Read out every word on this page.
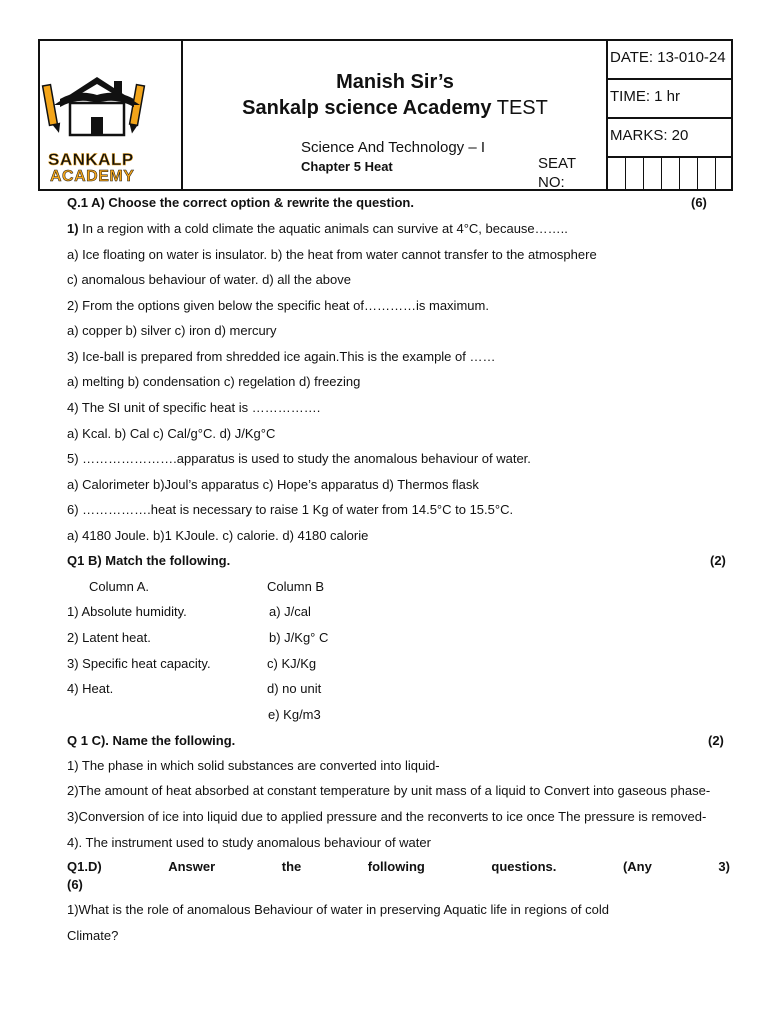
SANKALP
ACADEMY
Manish Sir’s
Sankalp science Academy TEST
Science And Technology – I
Chapter 5 Heat	SEAT NO:
DATE: 13-010-24
TIME: 1 hr
MARKS: 20
Q.1 A) Choose the correct option & rewrite the question.	(6)
1) In a region with a cold climate the aquatic animals can survive at 4°C, because……..
a) Ice floating on water is insulator. b) the heat from water cannot transfer to the atmosphere
c) anomalous behaviour of water. d) all the above
2) From the options given below the specific heat of…………is maximum.
a) copper b) silver c) iron d) mercury
3) Ice-ball is prepared from shredded ice again.This is the example of ……
a) melting b) condensation c) regelation d) freezing
4) The SI unit of specific heat is …………….
a) Kcal. b) Cal c) Cal/g°C. d) J/Kg°C
5) ………………….apparatus is used to study the anomalous behaviour of water.
a) Calorimeter b)Joul’s apparatus c) Hope’s apparatus d) Thermos flask
6) …………….heat is necessary to raise 1 Kg of water from 14.5°C to 15.5°C.
a) 4180 Joule. b)1 KJoule. c) calorie. d) 4180 calorie
Q1 B) Match the following.	(2)
Column A.	Column B
1) Absolute humidity.	a) J/cal
2) Latent heat.	b) J/Kg° C
3) Specific heat capacity.	c) KJ/Kg
4) Heat.	d) no unit
e) Kg/m3
Q 1 C). Name the following.	(2)
1) The phase in which solid substances are converted into liquid-
2)The amount of heat absorbed at constant temperature by unit mass of a liquid to Convert into gaseous phase-
3)Conversion of ice into liquid due to applied pressure and the reconverts to ice once The pressure is removed-
4). The instrument used to study anomalous behaviour of water
Q1.D)	Answer	the	following	questions.	(Any	3)
(6)
1)What is the role of anomalous Behaviour of water in preserving Aquatic life in regions of cold
Climate?
